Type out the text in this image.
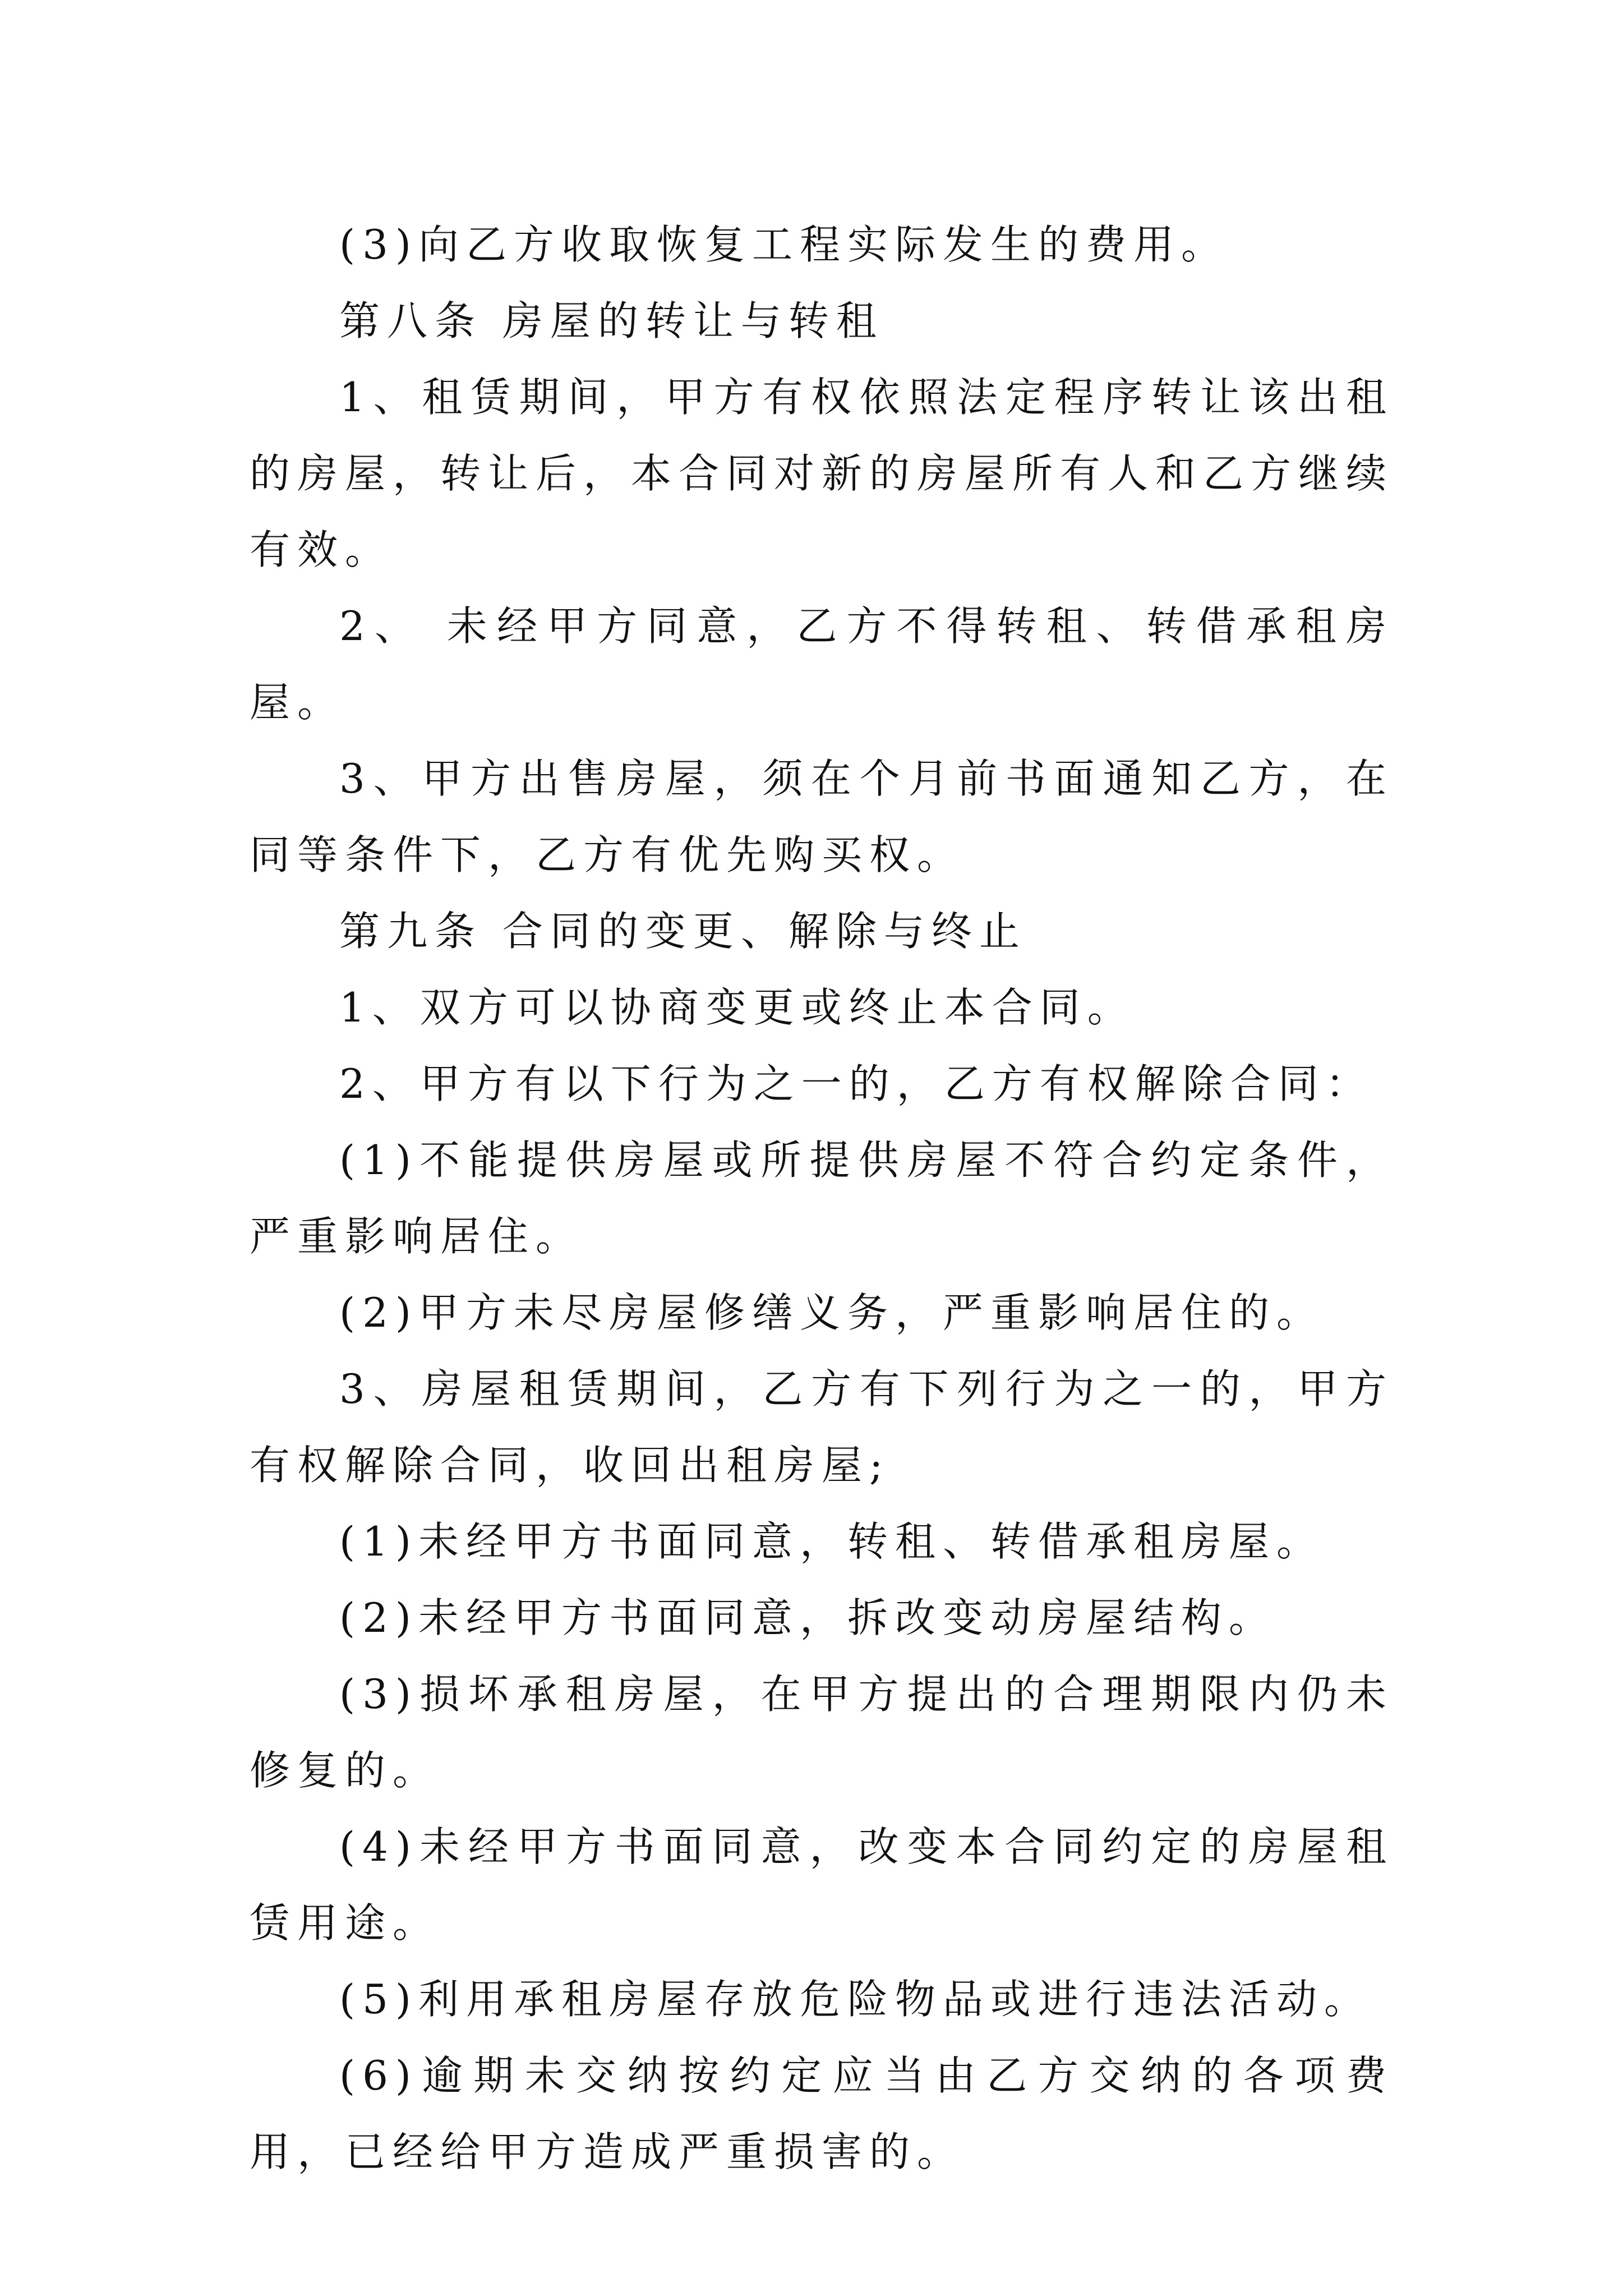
(3)向乙方收取恢复工程实际发生的费用。

第八条 房屋的转让与转租

1、租赁期间，甲方有权依照法定程序转让该出租的房屋，转让后，本合同对新的房屋所有人和乙方继续有效。

2、 未经甲方同意，乙方不得转租、转借承租房屋。

3、甲方出售房屋，须在个月前书面通知乙方，在同等条件下，乙方有优先购买权。

第九条 合同的变更、解除与终止

1、双方可以协商变更或终止本合同。

2、甲方有以下行为之一的，乙方有权解除合同：

(1)不能提供房屋或所提供房屋不符合约定条件，严重影响居住。

(2)甲方未尽房屋修缮义务，严重影响居住的。

3、房屋租赁期间，乙方有下列行为之一的，甲方有权解除合同，收回出租房屋;

(1)未经甲方书面同意，转租、转借承租房屋。

(2)未经甲方书面同意，拆改变动房屋结构。

(3)损坏承租房屋，在甲方提出的合理期限内仍未修复的。

(4)未经甲方书面同意，改变本合同约定的房屋租赁用途。

(5)利用承租房屋存放危险物品或进行违法活动。

(6)逾期未交纳按约定应当由乙方交纳的各项费用，已经给甲方造成严重损害的。
